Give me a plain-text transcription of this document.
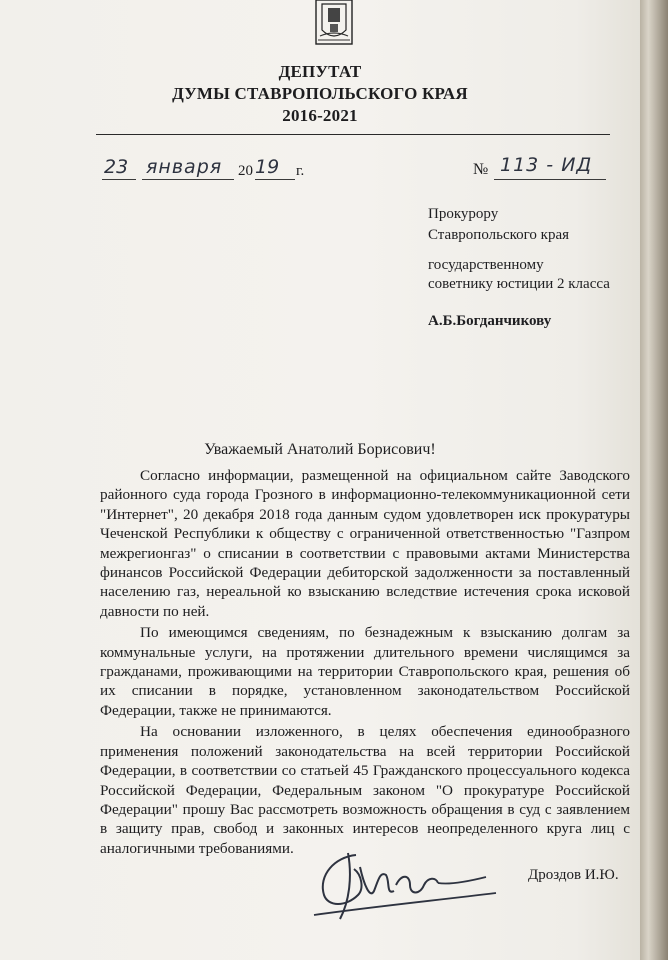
ДЕПУТАТ
ДУМЫ СТАВРОПОЛЬСКОГО КРАЯ
2016-2021
23 января 20 19 г.	№ 113 - ИД
Прокурору
Ставропольского края
государственному
советнику юстиции 2 класса
А.Б.Богданчикову
Уважаемый Анатолий Борисович!

Согласно информации, размещенной на официальном сайте Заводского районного суда города Грозного в информационно-телекоммуникационной сети "Интернет", 20 декабря 2018 года данным судом удовлетворен иск прокуратуры Чеченской Республики к обществу с ограниченной ответственностью "Газпром межрегионгаз" о списании в соответствии с правовыми актами Министерства финансов Российской Федерации дебиторской задолженности за поставленный населению газ, нереальной ко взысканию вследствие истечения срока исковой давности по ней.

По имеющимся сведениям, по безнадежным к взысканию долгам за коммунальные услуги, на протяжении длительного времени числящимся за гражданами, проживающими на территории Ставропольского края, решения об их списании в порядке, установленном законодательством Российской Федерации, также не принимаются.

На основании изложенного, в целях обеспечения единообразного применения положений законодательства на всей территории Российской Федерации, в соответствии со статьей 45 Гражданского процессуального кодекса Российской Федерации, Федеральным законом "О прокуратуре Российской Федерации" прошу Вас рассмотреть возможность обращения в суд с заявлением в защиту прав, свобод и законных интересов неопределенного круга лиц с аналогичными требованиями.

Дроздов И.Ю.
